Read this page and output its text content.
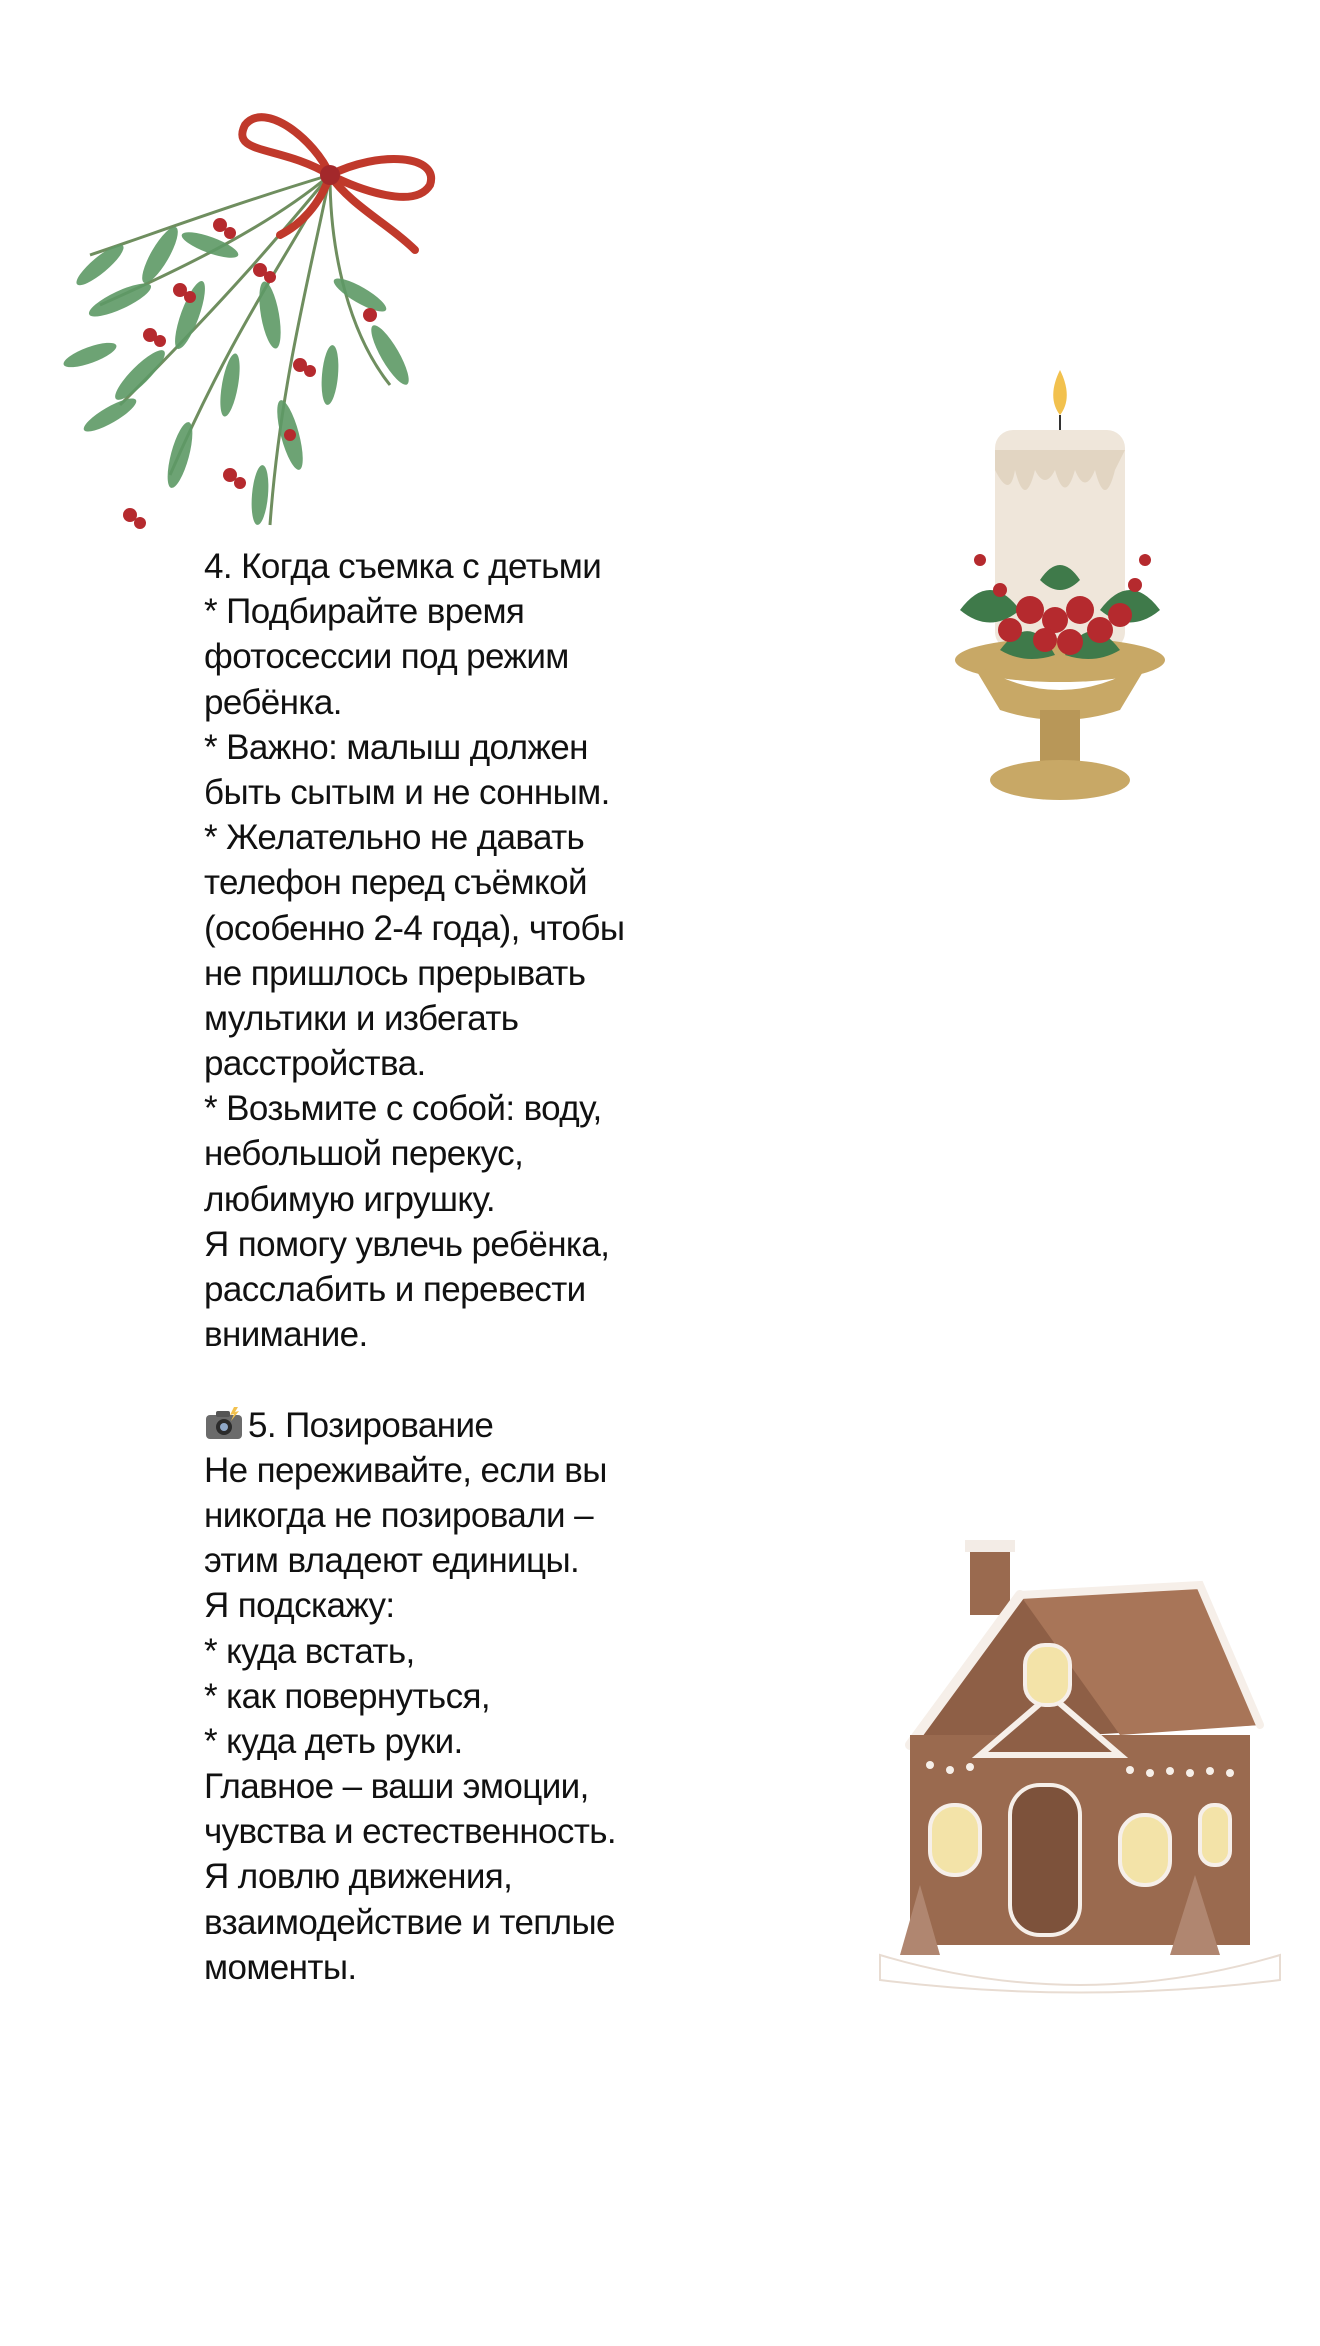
4. Когда съемка с детьми
* Подбирайте время
фотосессии под режим
ребёнка.
* Важно: малыш должен
быть сытым и не сонным.
* Желательно не давать
телефон перед съёмкой
(особенно 2-4 года), чтобы
не пришлось прерывать
мультики и избегать
расстройства.
* Возьмите с собой: воду,
небольшой перекус,
любимую игрушку.
Я помогу увлечь ребёнка,
расслабить и перевести
внимание.
5. Позирование
Не переживайте, если вы
никогда не позировали –
этим владеют единицы.
Я подскажу:
* куда встать,
* как повернуться,
* куда деть руки.
Главное – ваши эмоции,
чувства и естественность.
Я ловлю движения,
взаимодействие и теплые
моменты.
